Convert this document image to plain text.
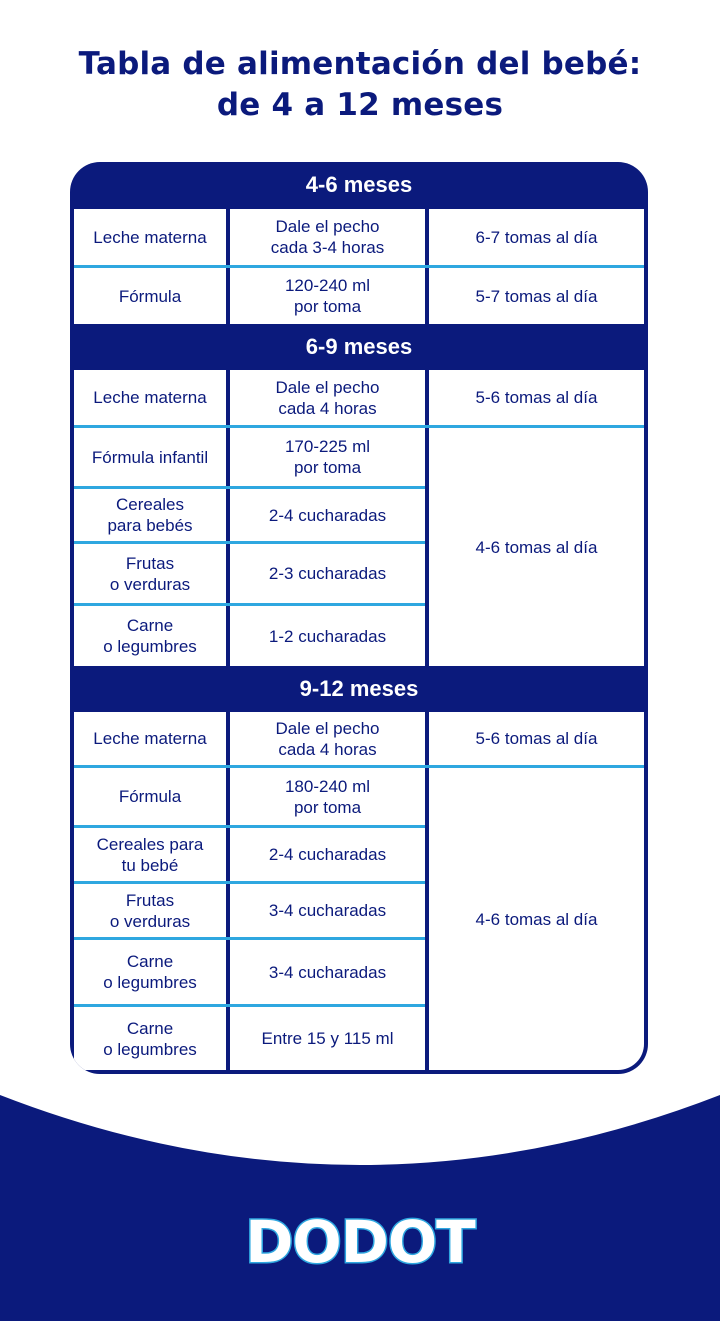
Tabla de alimentación del bebé:
de 4 a 12 meses
4-6 meses
Leche materna
Dale el pecho
cada 3-4 horas
6-7 tomas al día
Fórmula
120-240 ml
por toma
5-7 tomas al día
6-9 meses
Leche materna
Dale el pecho
cada 4 horas
5-6 tomas al día
Fórmula infantil
170-225 ml
por toma
Cereales
para bebés
2-4 cucharadas
Frutas
o verduras
2-3 cucharadas
Carne
o legumbres
1-2 cucharadas
4-6 tomas al día
9-12 meses
Leche materna
Dale el pecho
cada 4 horas
5-6 tomas al día
Fórmula
180-240 ml
por toma
Cereales para
tu bebé
2-4 cucharadas
Frutas
o verduras
3-4 cucharadas
Carne
o legumbres
3-4 cucharadas
Carne
o legumbres
Entre 15 y 115 ml
4-6 tomas al día
DODOT
